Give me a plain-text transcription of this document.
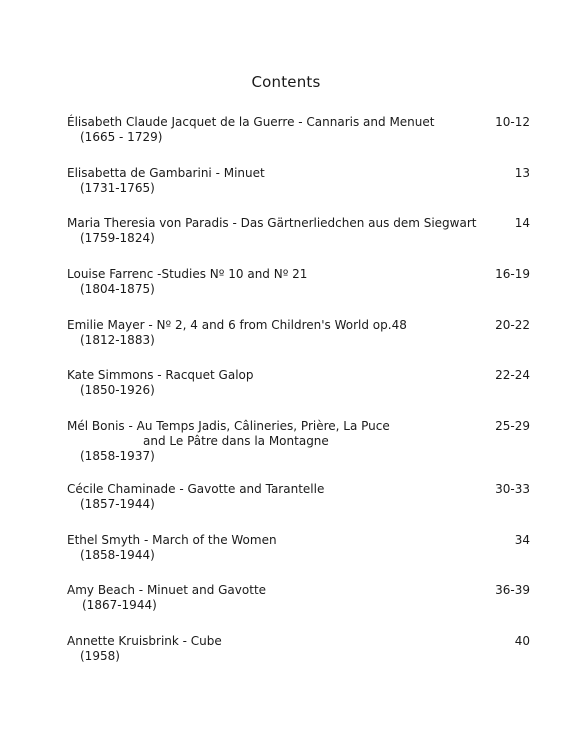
Contents
Élisabeth Claude Jacquet de la Guerre - Cannaris and Menuet
(1665 - 1729)
10-12
Elisabetta de Gambarini - Minuet
(1731-1765)
13
Maria Theresia von Paradis - Das Gärtnerliedchen aus dem Siegwart
(1759-1824)
14
Louise Farrenc -Studies Nº 10 and Nº 21
(1804-1875)
16-19
Emilie Mayer - Nº 2, 4 and 6 from Children's World op.48
(1812-1883)
20-22
Kate Simmons - Racquet Galop
(1850-1926)
22-24
Mél Bonis - Au Temps Jadis, Câlineries, Prière, La Puce
and Le Pâtre dans la Montagne
(1858-1937)
25-29
Cécile Chaminade - Gavotte and Tarantelle
(1857-1944)
30-33
Ethel Smyth - March of the Women
(1858-1944)
34
Amy Beach - Minuet and Gavotte
(1867-1944)
36-39
Annette Kruisbrink - Cube
(1958)
40
